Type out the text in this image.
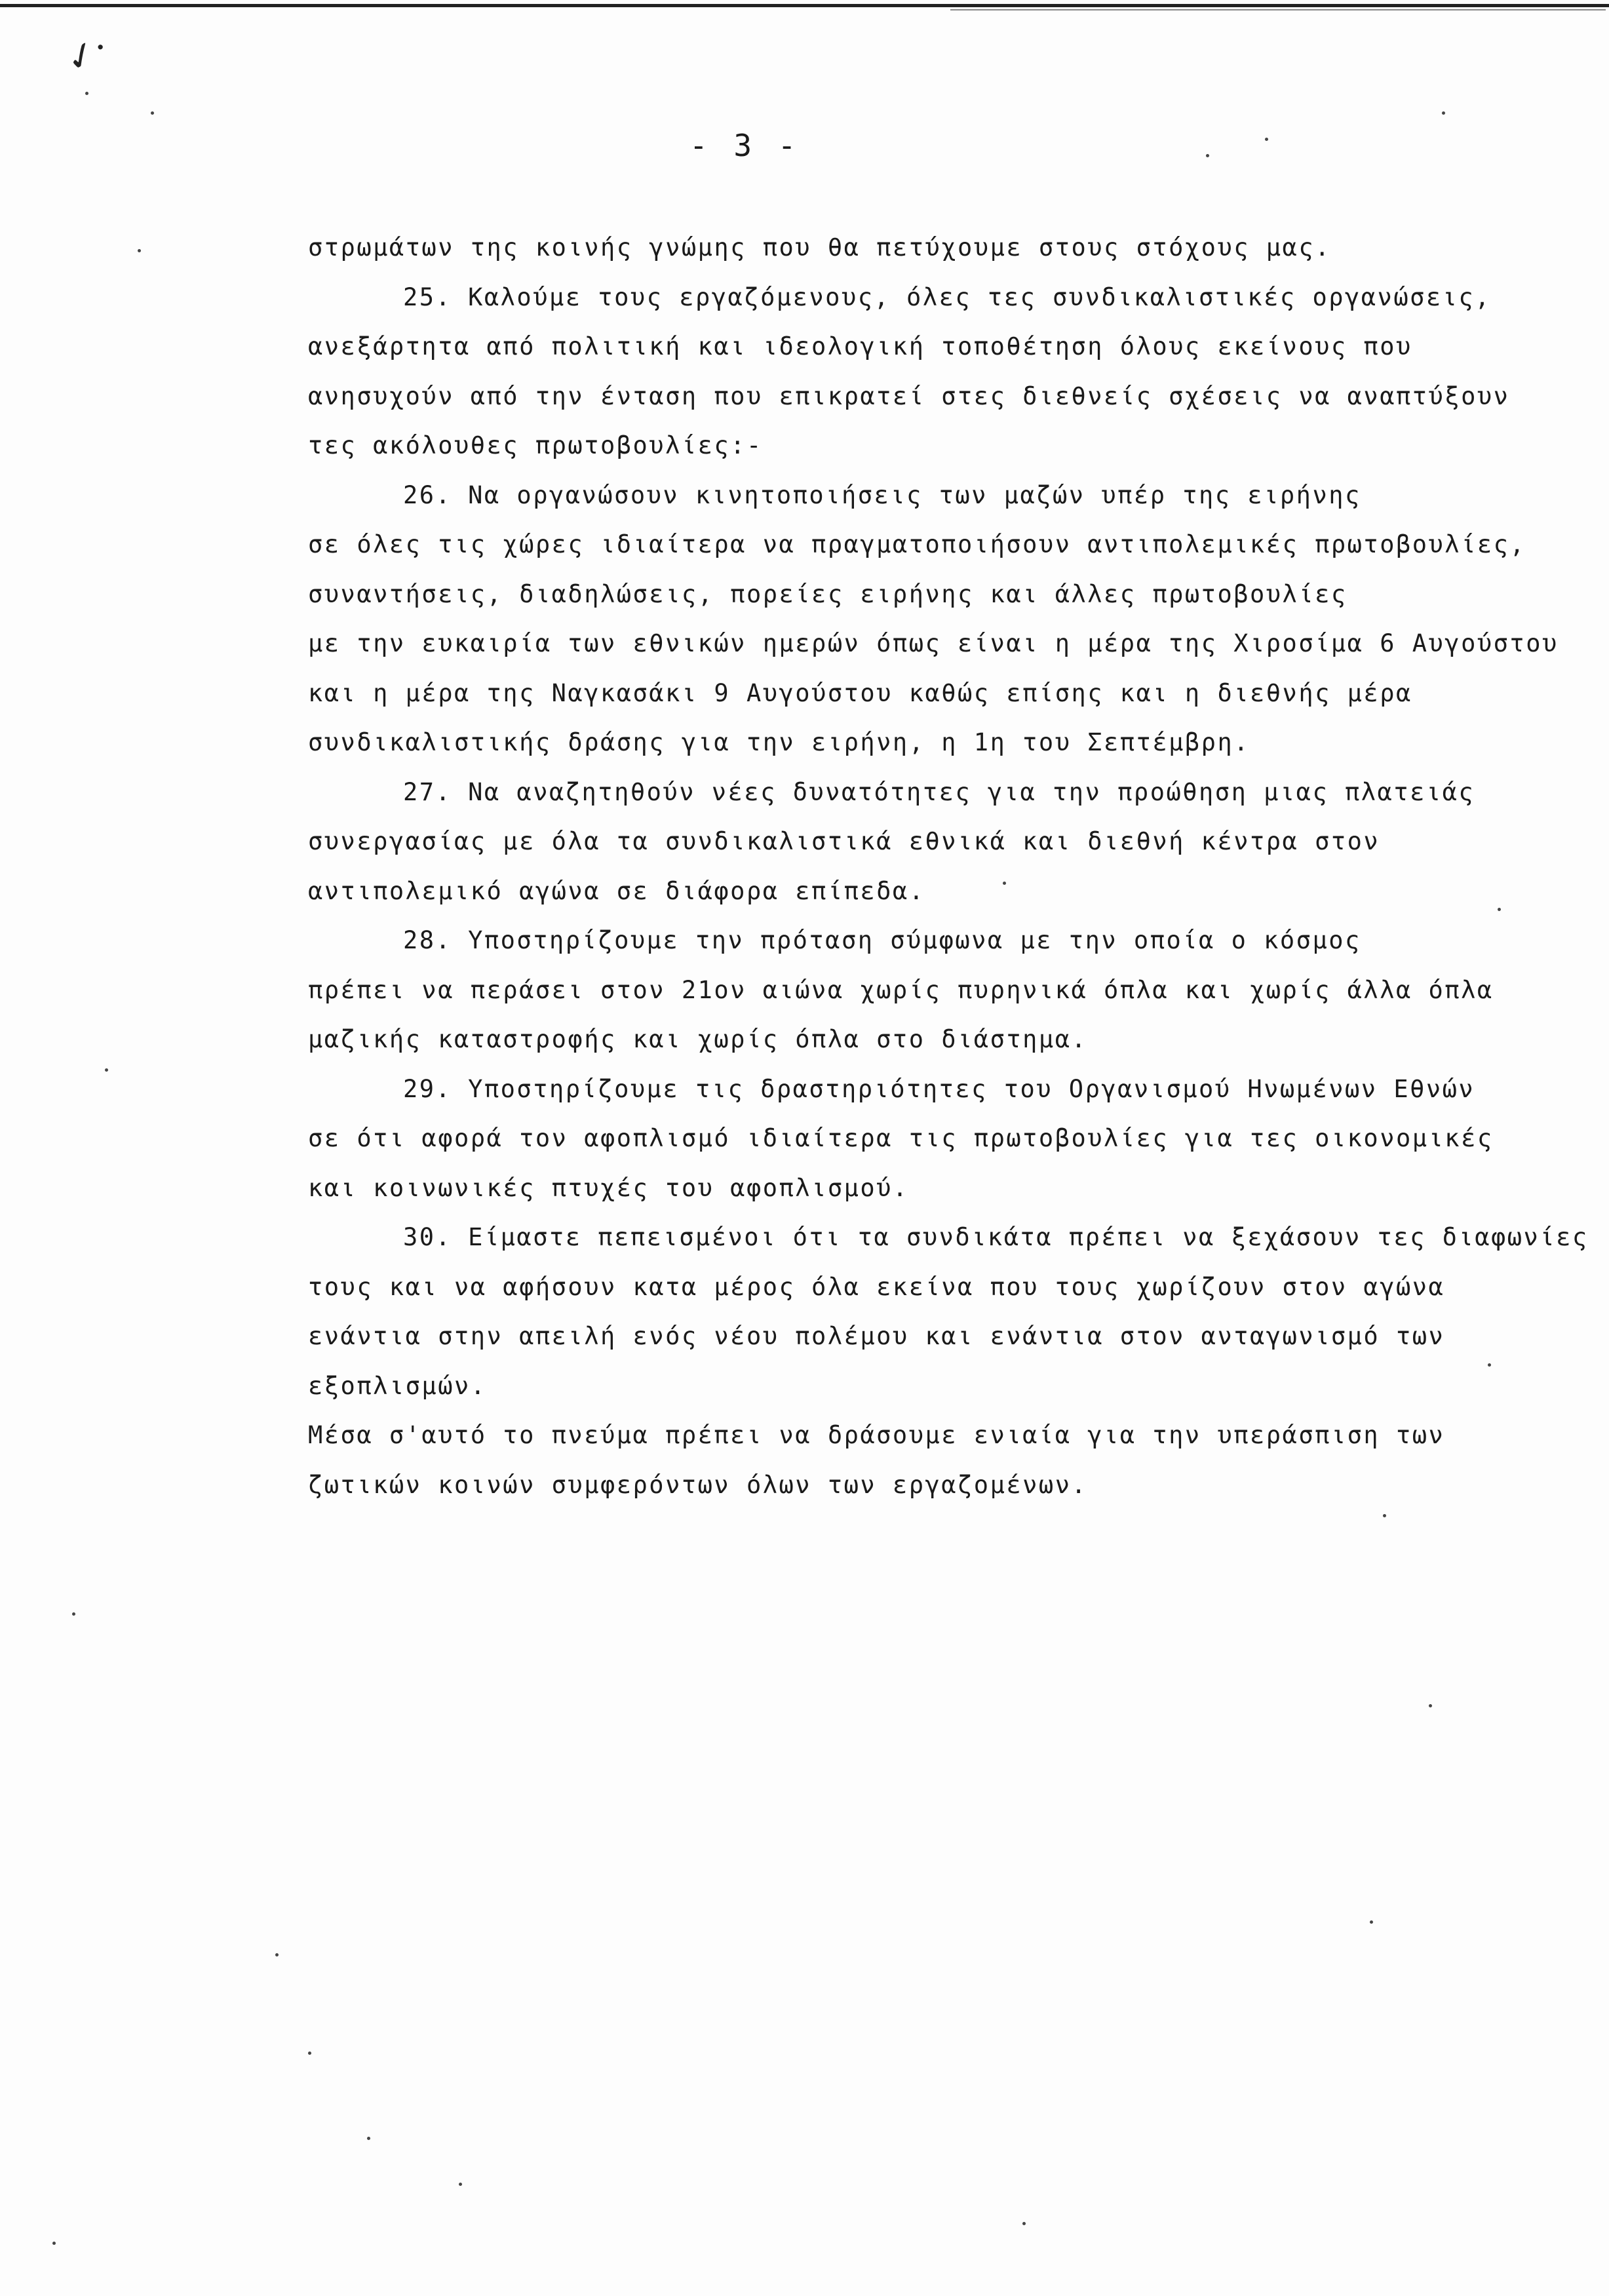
✓·
- 3 -
στρωμάτων της κοινής γνώμης που θα πετύχουμε στους στόχους μας.
25. Καλούμε τους εργαζόμενους, όλες τες συνδικαλιστικές οργανώσεις,
ανεξάρτητα από πολιτική και ιδεολογική τοποθέτηση όλους εκείνους που
ανησυχούν από την ένταση που επικρατεί στες διεθνείς σχέσεις να αναπτύξουν
τες ακόλουθες πρωτοβουλίες:-
26. Να οργανώσουν κινητοποιήσεις των μαζών υπέρ της ειρήνης
σε όλες τις χώρες ιδιαίτερα να πραγματοποιήσουν αντιπολεμικές πρωτοβουλίες,
συναντήσεις, διαδηλώσεις, πορείες ειρήνης και άλλες πρωτοβουλίες
με την ευκαιρία των εθνικών ημερών όπως είναι η μέρα της Χιροσίμα 6 Αυγούστου
και η μέρα της Ναγκασάκι 9 Αυγούστου καθώς επίσης και η διεθνής μέρα
συνδικαλιστικής δράσης για την ειρήνη, η 1η του Σεπτέμβρη.
27. Να αναζητηθούν νέες δυνατότητες για την προώθηση μιας πλατειάς
συνεργασίας με όλα τα συνδικαλιστικά εθνικά και διεθνή κέντρα στον
αντιπολεμικό αγώνα σε διάφορα επίπεδα.
28. Υποστηρίζουμε την πρόταση σύμφωνα με την οποία ο κόσμος
πρέπει να περάσει στον 21ον αιώνα χωρίς πυρηνικά όπλα και χωρίς άλλα όπλα
μαζικής καταστροφής και χωρίς όπλα στο διάστημα.
29. Υποστηρίζουμε τις δραστηριότητες του Οργανισμού Ηνωμένων Εθνών
σε ότι αφορά τον αφοπλισμό ιδιαίτερα τις πρωτοβουλίες για τες οικονομικές
και κοινωνικές πτυχές του αφοπλισμού.
30. Είμαστε πεπεισμένοι ότι τα συνδικάτα πρέπει να ξεχάσουν τες διαφωνίες
τους και να αφήσουν κατα μέρος όλα εκείνα που τους χωρίζουν στον αγώνα
ενάντια στην απειλή ενός νέου πολέμου και ενάντια στον ανταγωνισμό των
εξοπλισμών.
Μέσα σ'αυτό το πνεύμα πρέπει να δράσουμε ενιαία για την υπεράσπιση των
ζωτικών κοινών συμφερόντων όλων των εργαζομένων.
